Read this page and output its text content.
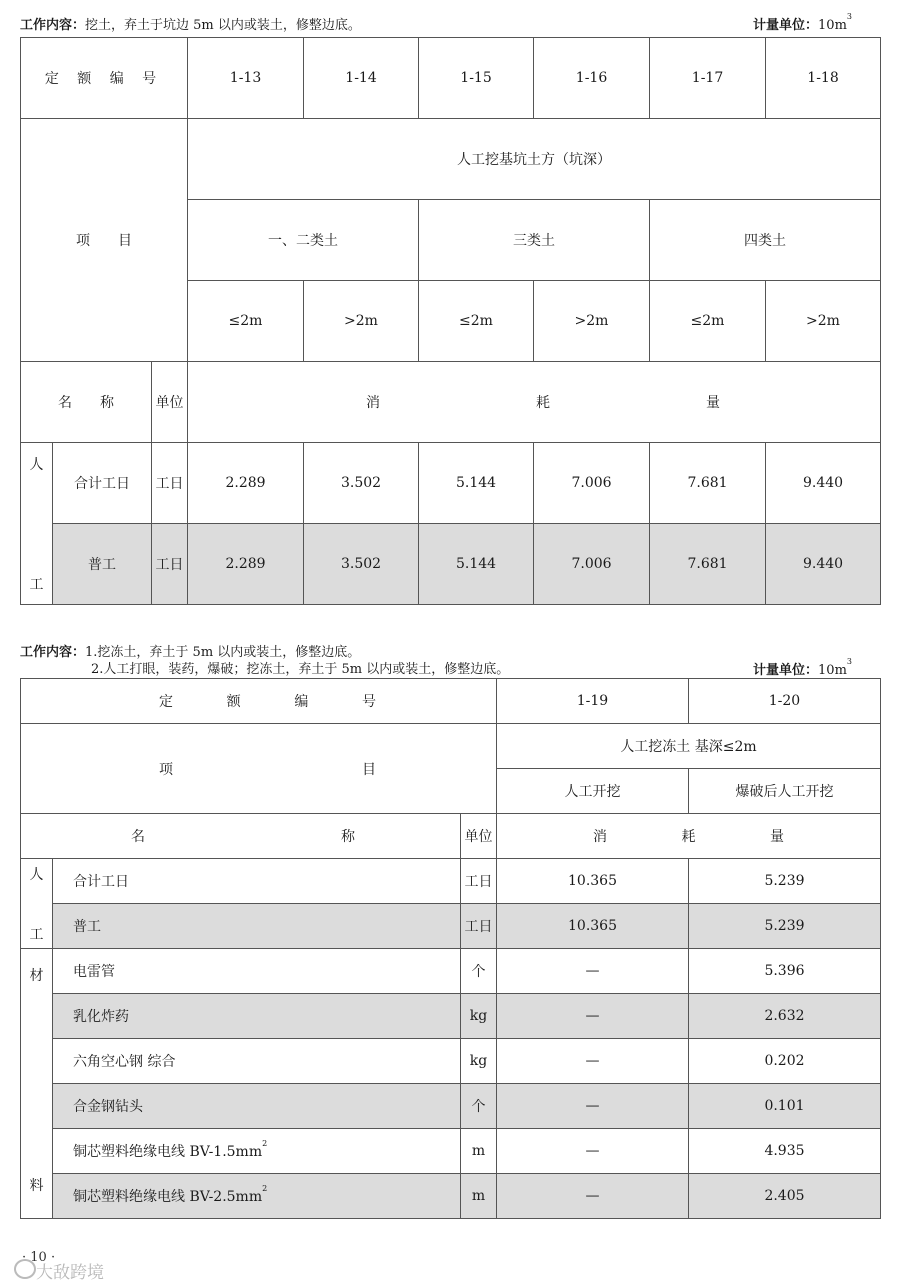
工作内容：挖土，弃土于坑边 5m 以内或装土，修整边底。	计量单位：$10m^3$
定 额 编 号			1-13	1-14	1-15	1-16	1-17	1-18
项　　目			人工挖基坑土方（坑深）					
			一、二类土		三类土		四类土	
			≤2m	>2m	≤2m	>2m	≤2m	>2m
名　　称		单位	消 耗 量					

人
工	合计工日	工日	2.289	3.502	5.144	7.006	7.681	9.440
	普工	工日	2.289	3.502	5.144	7.006	7.681	9.440
工作内容：1.挖冻土，弃土于 5m 以内或装土，修整边底。
2.人工打眼，装药，爆破；挖冻土，弃土于 5m 以内或装土，修整边底。	计量单位：$10m^3$
定 额 编 号			1-19	1-20

项 目			人工挖冻土 基深≤2m	
			人工开挖	爆破后人工开挖

名 称		单位	消 耗 量	

人
工	合计工日	工日	10.365	5.239
	普工	工日	10.365	5.239

材
料	电雷管	个	—	5.396
	乳化炸药	kg	—	2.632
	六角空心钢 综合	kg	—	0.202
	合金钢钻头	个	—	0.101
	铜芯塑料绝缘电线 $BV-1.5mm^2$	m	—	4.935
	铜芯塑料绝缘电线 $BV-2.5mm^2$	m	—	2.405
· 10 ·
大敌跨境
